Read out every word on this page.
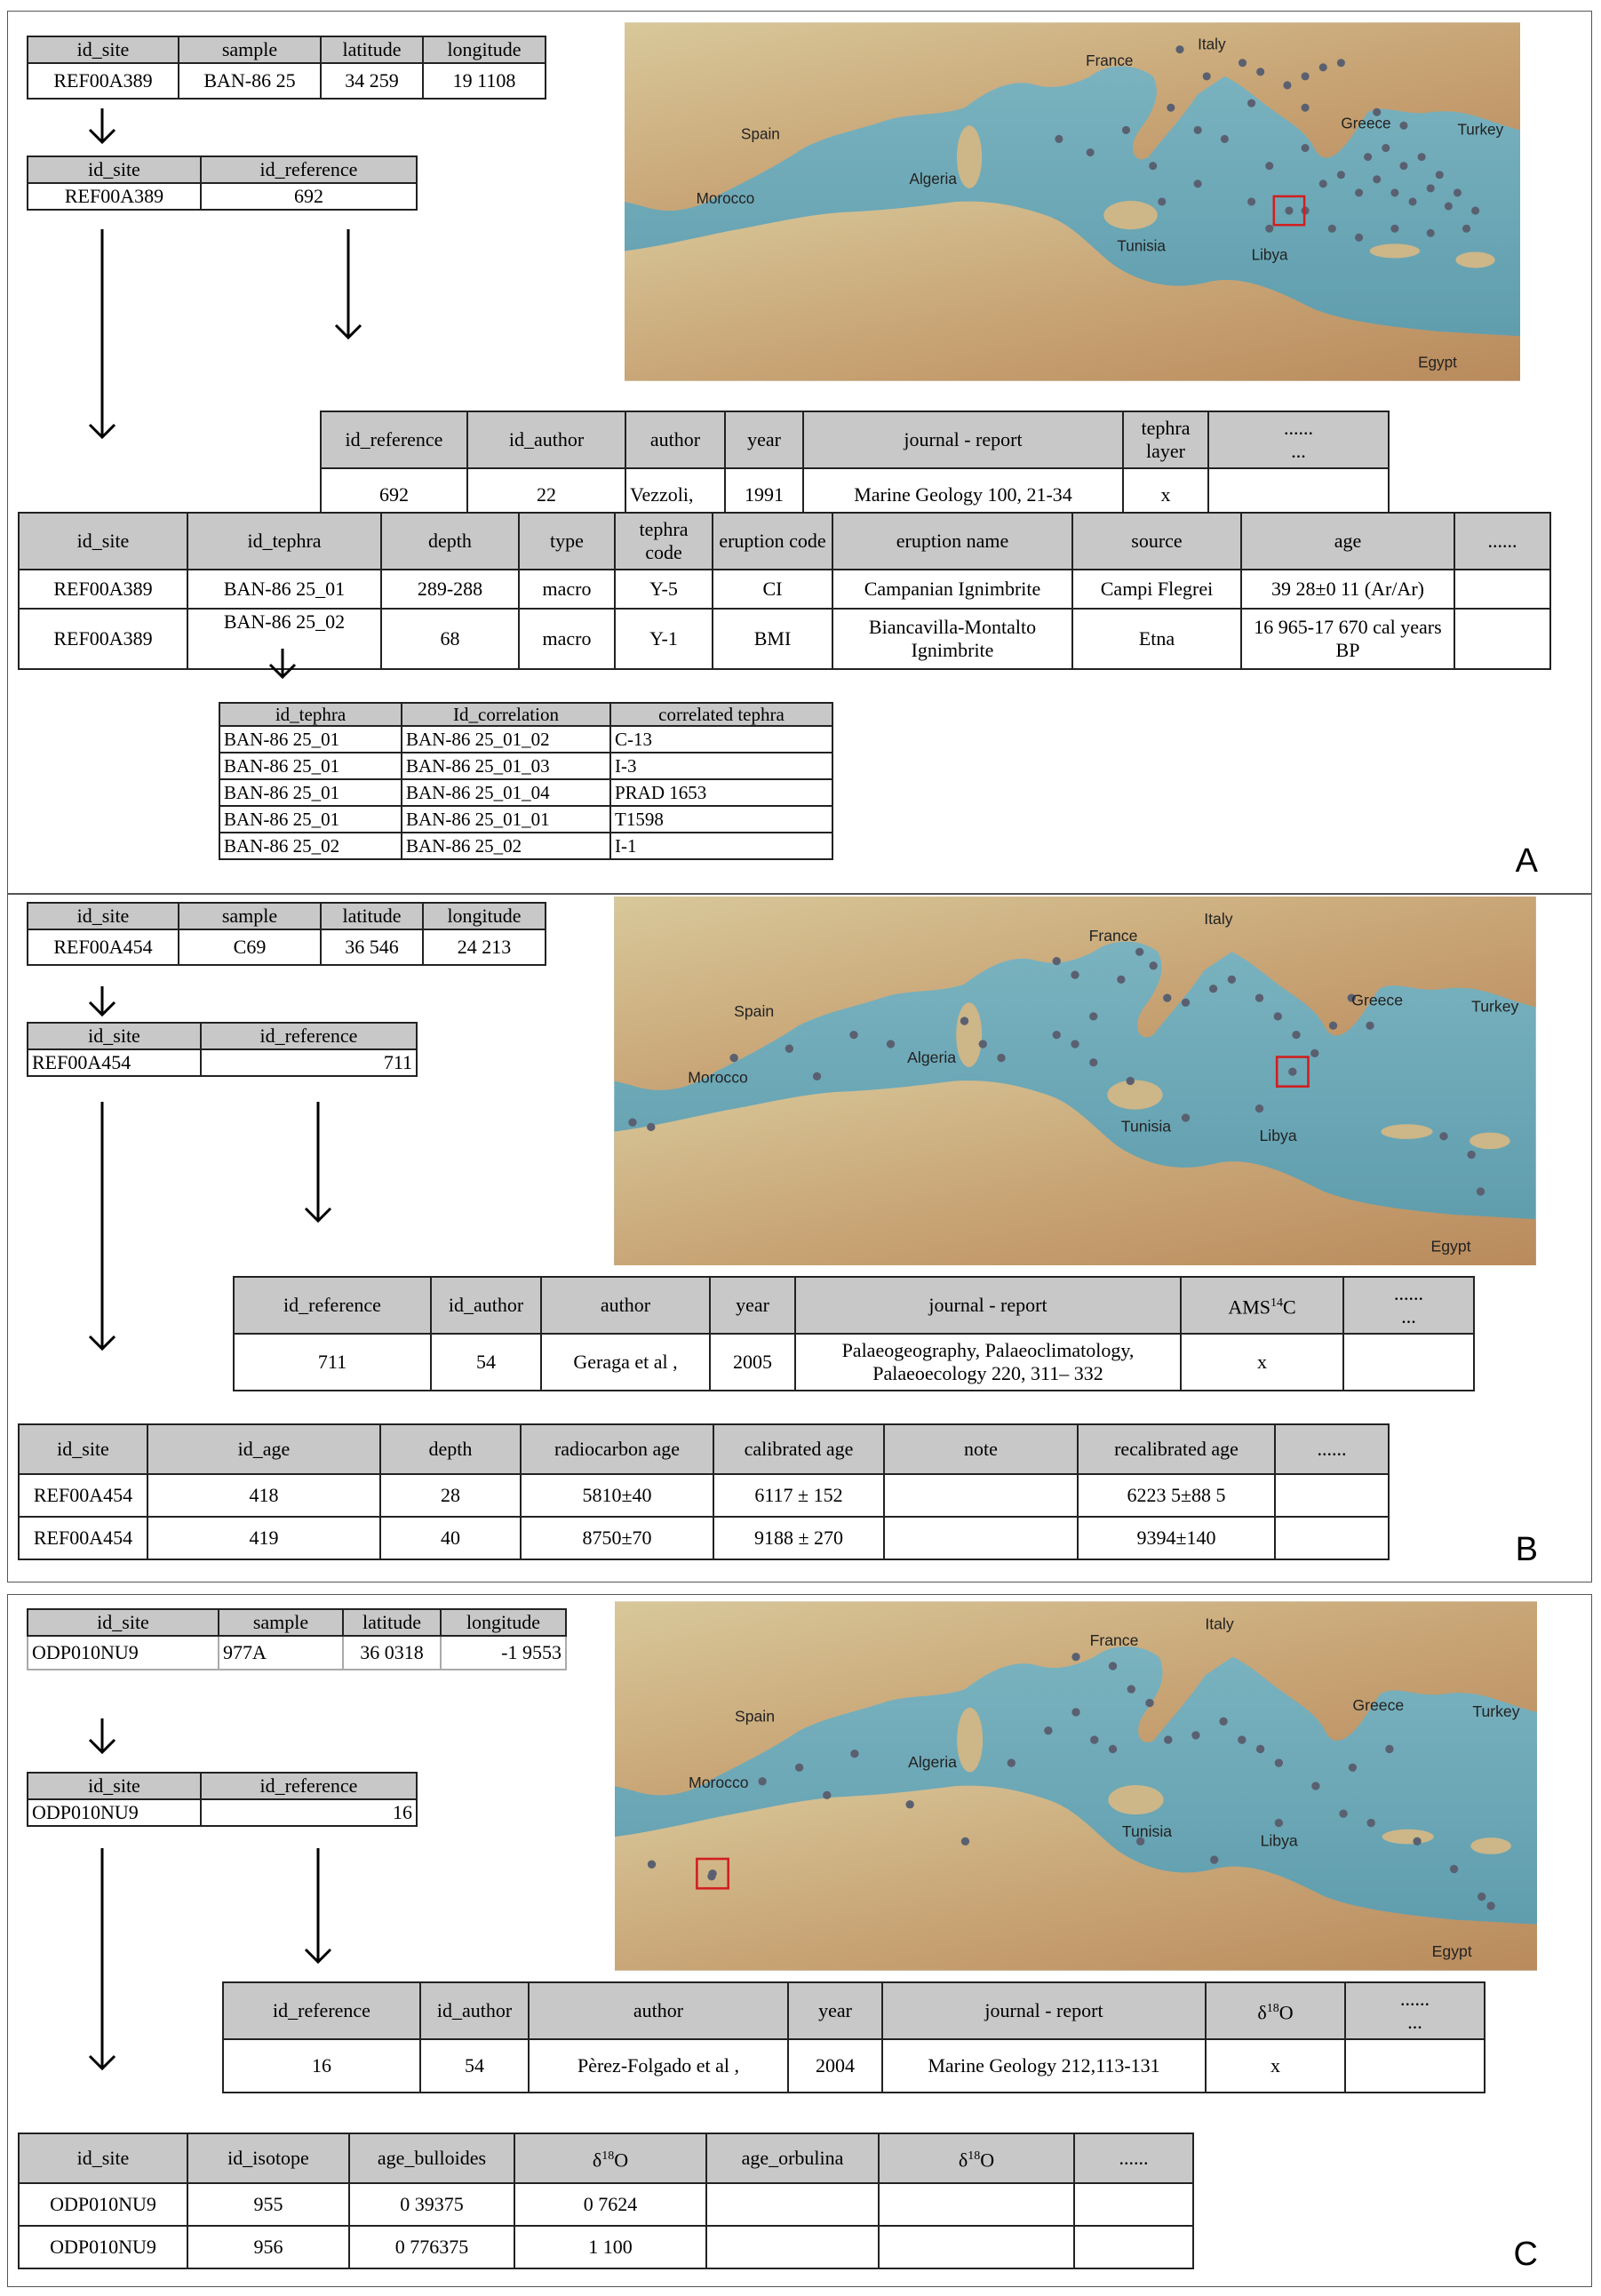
A
id_site	sample	latitude	longitude
REF00A389	BAN-86 25	34 259	19 1108
id_site	id_reference
REF00A389	692
France
Italy
Spain
Greece	Turkey
Algeria
Morocco
Tunisia
Libya
Egypt
id_reference	id_author	author	year	journal - report	tephra layer	......
...
692	22	Vezzoli,	1991	Marine Geology 100, 21-34	x	
id_site	id_tephra	depth	type	tephra code	eruption code	eruption name	source	age	......
REF00A389	BAN-86 25_01	289-288	macro	Y-5	CI	Campanian Ignimbrite	Campi Flegrei	39 28±0 11 (Ar/Ar)	
REF00A389	BAN-86 25_02	68	macro	Y-1	BMI	Biancavilla-Montalto Ignimbrite	Etna	16 965-17 670 cal years BP	
id_tephra	Id_correlation	correlated tephra
BAN-86 25_01	BAN-86 25_01_02	C-13
BAN-86 25_01	BAN-86 25_01_03	I-3
BAN-86 25_01	BAN-86 25_01_04	PRAD 1653
BAN-86 25_01	BAN-86 25_01_01	T1598
BAN-86 25_02	BAN-86 25_02	I-1
B
id_site	sample	latitude	longitude
REF00A454	C69	36 546	24 213
id_site	id_reference
REF00A454	711
France
Italy
Spain
Greece	Turkey
Algeria
Morocco
Tunisia
Libya
Egypt
id_reference	id_author	author	year	journal - report	AMS$^{14}$C	......
...
711	54	Geraga et al ,	2005	Palaeogeography, Palaeoclimatology, Palaeoecology 220, 311– 332	x	
id_site	id_age	depth	radiocarbon age	calibrated age	note	recalibrated age	......
REF00A454	418	28	5810±40	6117 ± 152		6223 5±88 5	
REF00A454	419	40	8750±70	9188 ± 270		9394±140	
C
id_site	sample	latitude	longitude
ODP010NU9	977A	36 0318	-1 9553
id_site	id_reference
ODP010NU9	16
France
Italy
Spain
Greece	Turkey
Algeria
Morocco
Tunisia
Libya
Egypt
id_reference	id_author	author	year	journal - report	$\delta^{18}O$	......
...
16	54	Pèrez-Folgado et al ,	2004	Marine Geology 212,113-131	x	
id_site	id_isotope	age_bulloides	$\delta^{18}O$	age_orbulina	$\delta^{18}O$	......
ODP010NU9	955	0 39375	0 7624			
ODP010NU9	956	0 776375	1 100			
